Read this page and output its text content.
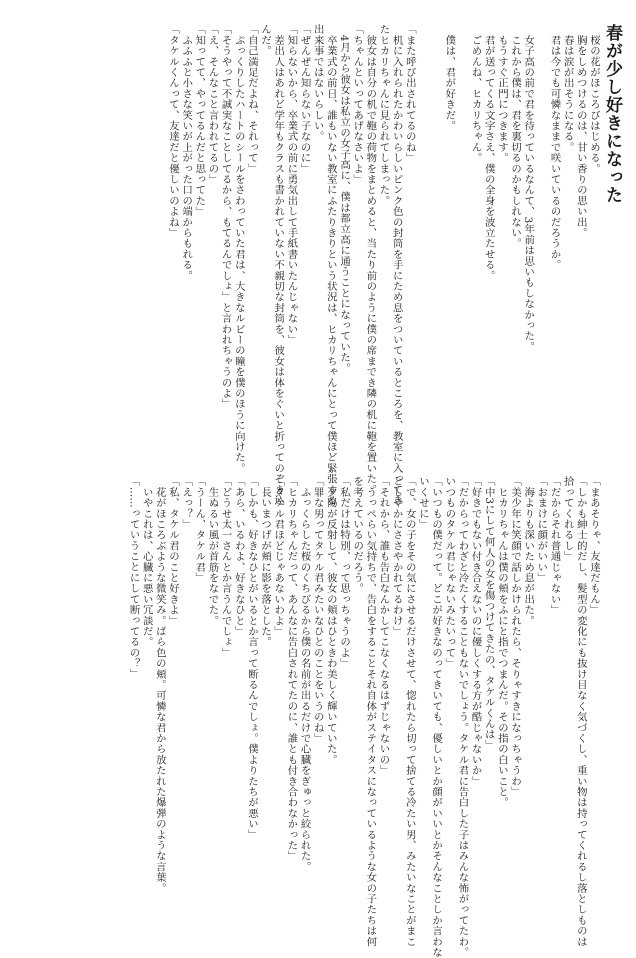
春が少し好きになった

　桜の花がほころびはじめる。

　胸をしめつけるのは、甘い香りの思い出。

　春は涙が出そうになる。

　君は今でも可憐なままで咲いているのだろうか。

　女子高の前で君を待っているなんて、3年前は思いもしなかった。

　これから僕は、君を裏切るのかもしれない。

　もうすぐ正門につきます。

　君が送ってくる文字さえ、僕の全身を波立たせる。

　ごめんね、ヒカリちゃん。

　僕は、君が好きだ。

「また呼び出されてるのね」

　机に入れられたかわいらしいピンク色の封筒を手にため息をついているところを、教室に入ってき

たヒカリちゃんに見られてしまった。

　彼女は自分の机で鞄の荷物をまとめると、当たり前のように僕の席までき隣の机に鞄を置いた。

「ちゃんといってあげなさいよ」

　4月から彼女は私立の女子高に、僕は都立高に通うことになっていた。

　卒業式の前日、誰もいない教室にふたりきりという状況は、ヒカリちゃんにとって僕ほど緊張する

出来事ではないらしい。

「ぜんぜん知らない子なのに」

「知らないから、卒業式の前に勇気出して手紙書いたんじゃない」

　差出人はあれど学年もクラスも書かれていない不親切な封筒を、彼女は体をぐいと折ってのぞき込

んだ。

「自己満足だよね、それって」

　ぷっくりしたハートのシールをさわっていた君は、大きなルビーの瞳を僕のほうに向けた。

「そうやって不誠実なことしてるから、もてるんでしょ」と言われちゃうのよ」

「え、そんなこと言われてるの」

「知ってて、やってるんだと思ってた」

　ふふふと小さな笑いが上がった口の端からもれる。

「タケルくんって、友達だと優しいのよね」

「まあそりゃ、友達だもん」

「しかも紳士的だし、髪型の変化にも抜け目なく気づくし、重い物は持ってくれるし落としものは

拾ってくれるし」

「だからそれ普通じゃない」

「おまけに顔がいい」

　海よりも深いため息が出た。

「美少年に笑顔で話しかけられたら、そりゃすきになっちゃうわ」

　ヒカリちゃんは僕の頬をふにと指でつまんだ。その指の白いこと。

「中3にして何人の女を傷つけてきたの、タケルくんは」

「好きでもない付き合えないのに優しくする方が酷じゃないか」

「だからってわざと冷たくすることもないでしょう。タケル君に告白した子はみんな怖がってたわ。

いつものタケル君じゃないみたいって」

「いつもの僕だって。どこが好きなのってきいても、優しいとか顔がいいとかそんなことしか言わな

いくせに」

「で、女の子をその気にさせるだけさせて、惚れたら切って捨てる冷たい男、みたいなことがまこ

としやかにささやかれてるわけ」

「それから、誰も告白なんかしてこなくなるはずじゃないの」

　うっぺらい気持ちで、告白をすることそれ自体がステイタスになっているような女の子たちは何

を考えているのだろう。

「私だけは特別、って思っちゃうのよ」

　夕陽が反射して、彼女の頬はひときわ美しく輝いていた。

「罪な男ってタケル君みたいなひとのことをいうのね」

　ふっくらした桜のくちびるから僕の名前が出るだけで心臓をぎゅっと絞られた。

「ヒカリちゃんだって、あんなに告白されてたのに、誰とも付き合わなかった」

「タケル君ほどじゃあないわよ」

　長いまつげが頬に影を落とした。

「しかも、好きなひとがいるとか言って断るんでしょ。僕よりたちが悪い」

「あら、いるわよ、好きなひと」

「どうせ太一さんとか言うんでしょ」

　生ぬるい風が首筋をなでた。

「うーん、タケル君」

「えっ？」

「私、タケル君のこと好きよ」

　花がほころぶような微笑み。ばら色の頬。可憐な君から放たれた爆弾のような言葉。

　いやこれは、心臓に悪い冗談だ。

「……っていうことにして断ってるの？」
